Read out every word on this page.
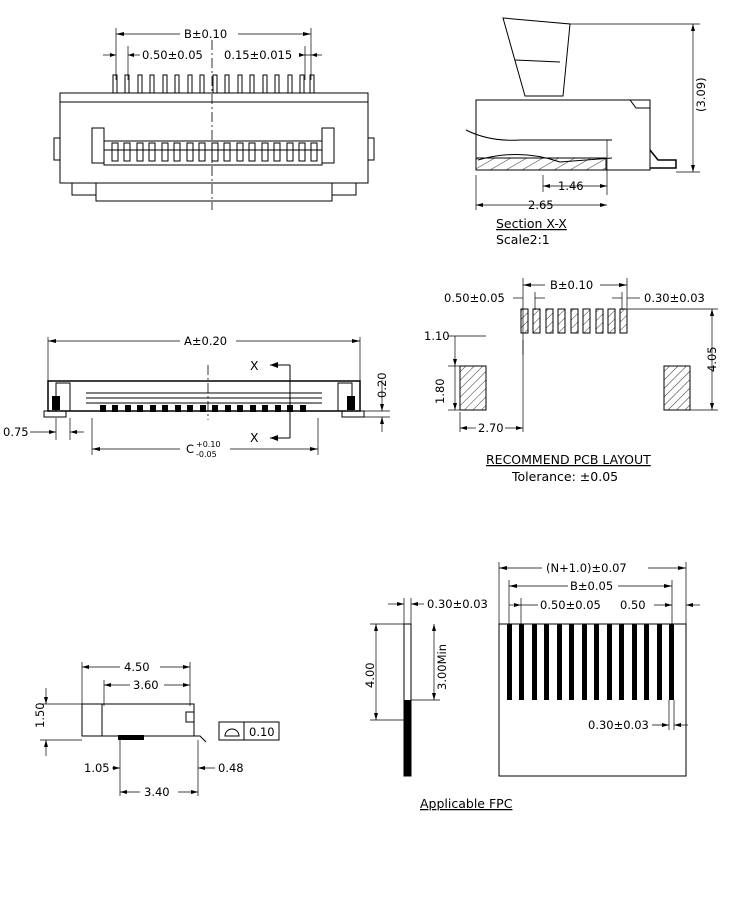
B±0.10
0.50±0.05 0.15±0.015
1.46
2.65
(3.09)
Section X-X
Scale2:1
A±0.20
X
X
0.75
C +0.10
-0.05
0.20
B±0.10
0.50±0.05	0.30±0.03
1.10
1.80
2.70
4.05
RECOMMEND PCB LAYOUT
Tolerance: ±0.05
4.50
3.60
1.50
1.05	0.48
3.40
0.10
0.30±0.03
4.00	3.00Min
(N+1.0)±0.07
B±0.05
0.50±0.05 0.50
0.30±0.03
Applicable FPC
